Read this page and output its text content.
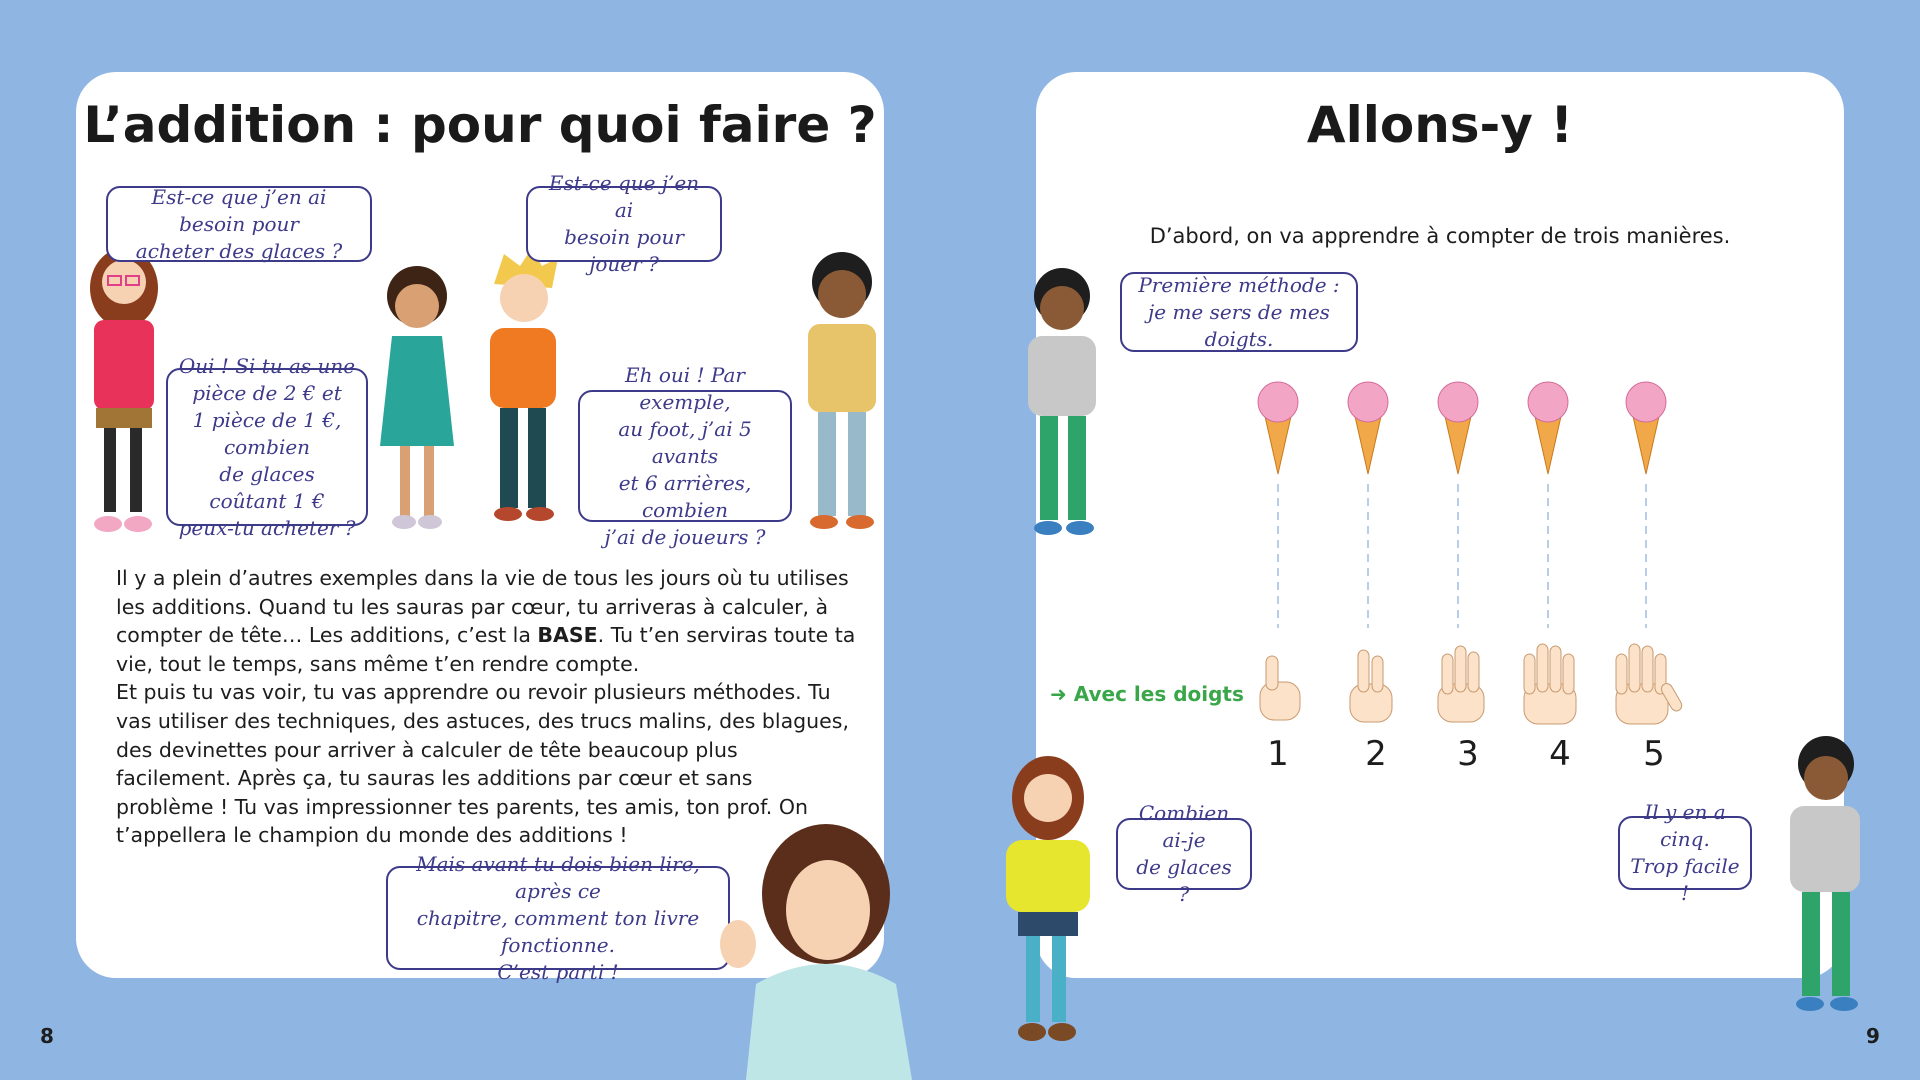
L’addition : pour quoi faire ?
Est-ce que j’en ai besoin pour
acheter des glaces ?
Est-ce que j’en ai
besoin pour jouer ?
Oui ! Si tu as une
pièce de 2 € et
1 pièce de 1 €, combien
de glaces coûtant 1 €
peux-tu acheter ?
Eh oui ! Par exemple,
au foot, j’ai 5 avants
et 6 arrières, combien
j’ai de joueurs ?

Il y a plein d’autres exemples dans la vie de tous les jours où tu utilises les additions. Quand tu les sauras par cœur, tu arriveras à calculer, à compter de tête… Les additions, c’est la BASE. Tu t’en serviras toute ta vie, tout le temps, sans même t’en rendre compte.

Et puis tu vas voir, tu vas apprendre ou revoir plusieurs méthodes. Tu vas utiliser des techniques, des astuces, des trucs malins, des blagues, des devinettes pour arriver à calculer de tête beaucoup plus facilement. Après ça, tu sauras les additions par cœur et sans problème ! Tu vas impressionner tes parents, tes amis, ton prof. On t’appellera le champion du monde des additions !

Mais avant tu dois bien lire, après ce
chapitre, comment ton livre fonctionne.
C’est parti !
8
Allons-y !
D’abord, on va apprendre à compter de trois manières.
Première méthode :
je me sers de mes doigts.
➜ Avec les doigts
1	2	3	4	5
Combien ai-je
de glaces ?
Il y en a cinq.
Trop facile !
9
